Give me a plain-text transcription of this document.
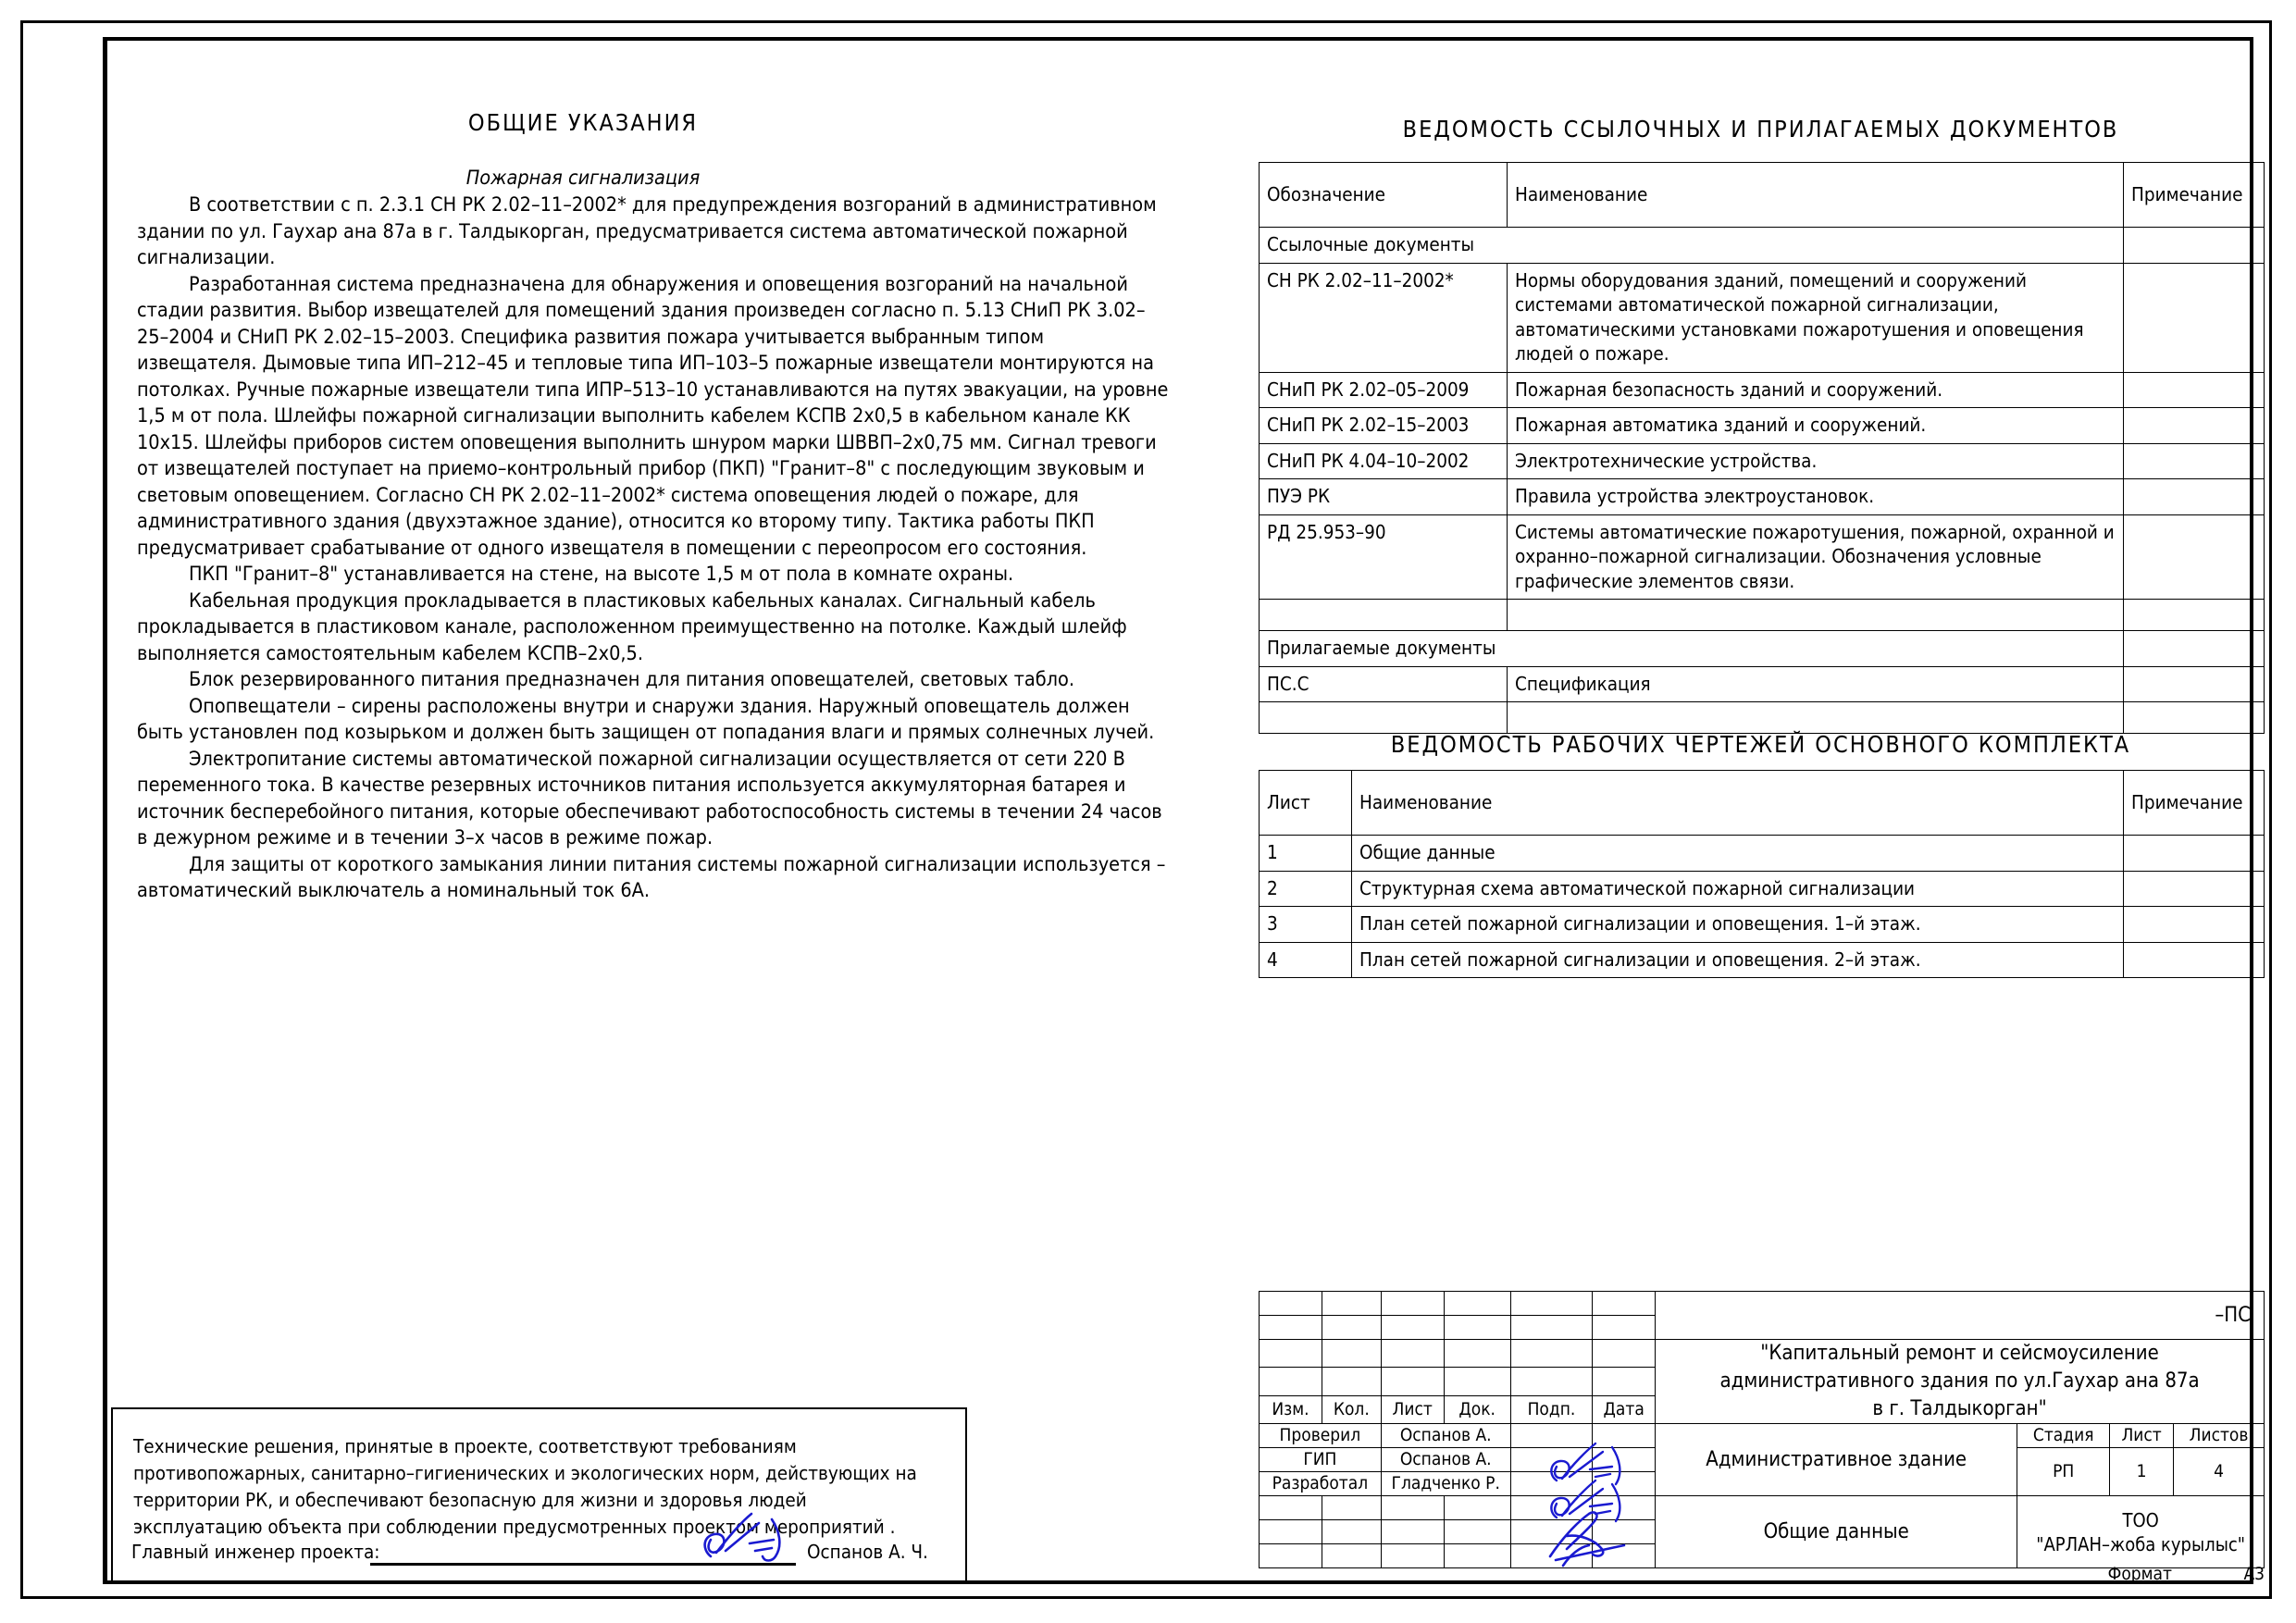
ОБЩИЕ УКАЗАНИЯ
Пожарная сигнализация

В соответствии с п. 2.3.1 СН РК 2.02–11–2002* для предупреждения возгораний в административном здании по ул. Гаухар ана 87а в г. Талдыкорган, предусматривается система автоматической пожарной сигнализации.

Разработанная система предназначена для обнаружения и оповещения возгораний на начальной стадии развития. Выбор извещателей для помещений здания произведен согласно п. 5.13 СНиП РК 3.02–25–2004 и СНиП РК 2.02–15–2003. Специфика развития пожара учитывается выбранным типом извещателя. Дымовые типа ИП–212–45 и тепловые типа ИП–103–5 пожарные извещатели монтируются на потолках. Ручные пожарные извещатели типа ИПР–513–10 устанавливаются на путях эвакуации, на уровне 1,5 м от пола. Шлейфы пожарной сигнализации выполнить кабелем КСПВ 2х0,5 в кабельном канале КК 10х15. Шлейфы приборов систем оповещения выполнить шнуром марки ШВВП–2х0,75 мм. Сигнал тревоги от извещателей поступает на приемо–контрольный прибор (ПКП) "Гранит–8" с последующим звуковым и световым оповещением. Согласно СН РК 2.02–11–2002* система оповещения людей о пожаре, для административного здания (двухэтажное здание), относится ко второму типу. Тактика работы ПКП предусматривает срабатывание от одного извещателя в помещении с переопросом его состояния.

ПКП "Гранит–8" устанавливается на стене, на высоте 1,5 м от пола в комнате охраны.

Кабельная продукция прокладывается в пластиковых кабельных каналах. Сигнальный кабель прокладывается в пластиковом канале, расположенном преимущественно на потолке. Каждый шлейф выполняется самостоятельным кабелем КСПВ–2х0,5.

Блок резервированного питания предназначен для питания оповещателей, световых табло.

Опопвещатели – сирены расположены внутри и снаружи здания. Наружный оповещатель должен быть установлен под козырьком и должен быть защищен от попадания влаги и прямых солнечных лучей.

Электропитание системы автоматической пожарной сигнализации осуществляется от сети 220 В переменного тока. В качестве резервных источников питания используется аккумуляторная батарея и источник бесперебойного питания, которые обеспечивают работоспособность системы в течении 24 часов в дежурном режиме и в течении 3–х часов в режиме пожар.

Для защиты от короткого замыкания линии питания системы пожарной сигнализации используется – автоматический выключатель а номинальный ток 6А.

ВЕДОМОСТЬ ССЫЛОЧНЫХ И ПРИЛАГАЕМЫХ ДОКУМЕНТОВ
Обозначение	Наименование	Примечание
Ссылочные документы		
СН РК 2.02–11–2002*	Нормы оборудования зданий, помещений и сооружений системами автоматической пожарной сигнализации, автоматическими установками пожаротушения и оповещения людей о пожаре.	
СНиП РК 2.02–05–2009	Пожарная безопасность зданий и сооружений.	
СНиП РК 2.02–15–2003	Пожарная автоматика зданий и сооружений.	
СНиП РК 4.04–10–2002	Электротехнические устройства.	
ПУЭ РК	Правила устройства электроустановок.	
РД 25.953–90	Системы автоматические пожаротушения, пожарной, охранной и охранно–пожарной сигнализации. Обозначения условные графические элементов связи.	

Прилагаемые документы		
ПС.С	Спецификация	

ВЕДОМОСТЬ РАБОЧИХ ЧЕРТЕЖЕЙ ОСНОВНОГО КОМПЛЕКТА
Лист	Наименование	Примечание
1	Общие данные	
2	Структурная схема автоматической пожарной сигнализации	
3	План сетей пожарной сигнализации и оповещения. 1–й этаж.	
4	План сетей пожарной сигнализации и оповещения. 2–й этаж.	

Технические решения, принятые в проекте, соответствуют требованиям

противопожарных, санитарно–гигиенических и экологических норм, действующих на

территории РК, и обеспечивают безопасную для жизни и здоровья людей

эксплуатацию объекта при соблюдении предусмотренных проектом мероприятий .

Главный инженер проекта:	Оспанов А. Ч.
						–ПС			

						"Капитальный ремонт и сейсмоусиление
административного здания по ул.Гаухар ана 87а
в г. Талдыкорган"			

Изм.	Кол.	Лист	Док.	Подп.	Дата				
Проверил		Оспанов А.				Административное здание	Стадия	Лист	Листов
ГИП		Оспанов А.					РП	1	4
Разработал		Гладченко Р.							
						Общие данные	ТОО
"АРЛАН–жоба курылыс"		

Формат	А3
